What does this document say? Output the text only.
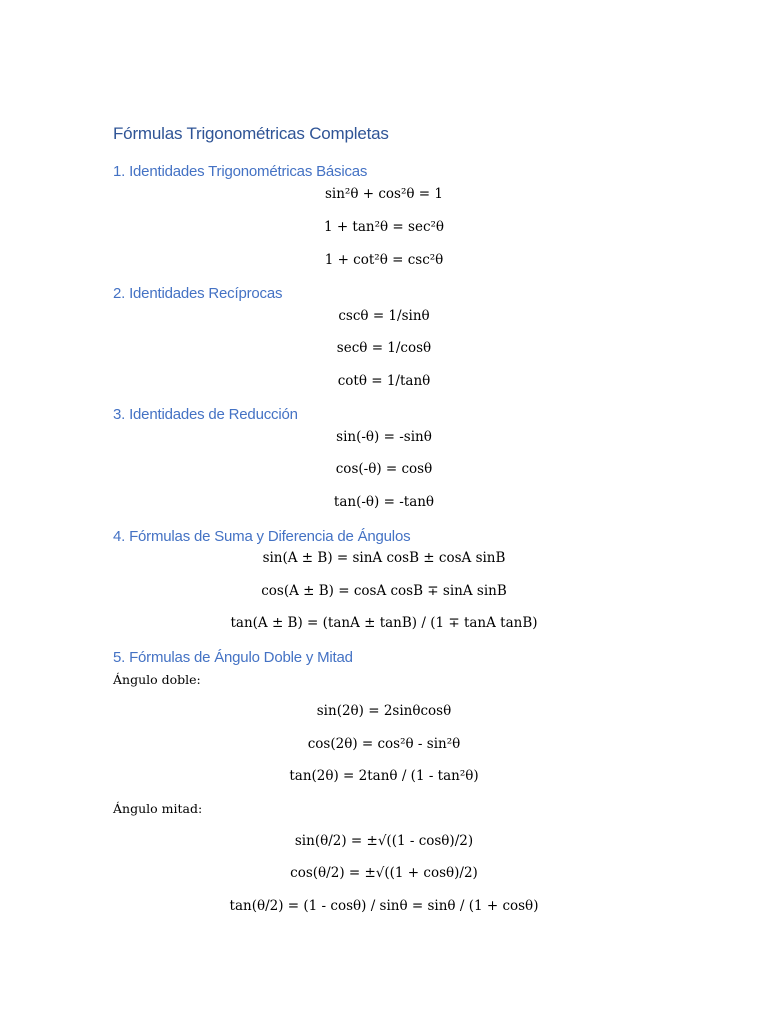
Fórmulas Trigonométricas Completas
1. Identidades Trigonométricas Básicas
sin²θ + cos²θ = 1
1 + tan²θ = sec²θ
1 + cot²θ = csc²θ
2. Identidades Recíprocas
cscθ = 1/sinθ
secθ = 1/cosθ
cotθ = 1/tanθ
3. Identidades de Reducción
sin(-θ) = -sinθ
cos(-θ) = cosθ
tan(-θ) = -tanθ
4. Fórmulas de Suma y Diferencia de Ángulos
sin(A ± B) = sinA cosB ± cosA sinB
cos(A ± B) = cosA cosB ∓ sinA sinB
tan(A ± B) = (tanA ± tanB) / (1 ∓ tanA tanB)
5. Fórmulas de Ángulo Doble y Mitad
Ángulo doble:
sin(2θ) = 2sinθcosθ
cos(2θ) = cos²θ - sin²θ
tan(2θ) = 2tanθ / (1 - tan²θ)
Ángulo mitad:
sin(θ/2) = ±√((1 - cosθ)/2)
cos(θ/2) = ±√((1 + cosθ)/2)
tan(θ/2) = (1 - cosθ) / sinθ = sinθ / (1 + cosθ)
